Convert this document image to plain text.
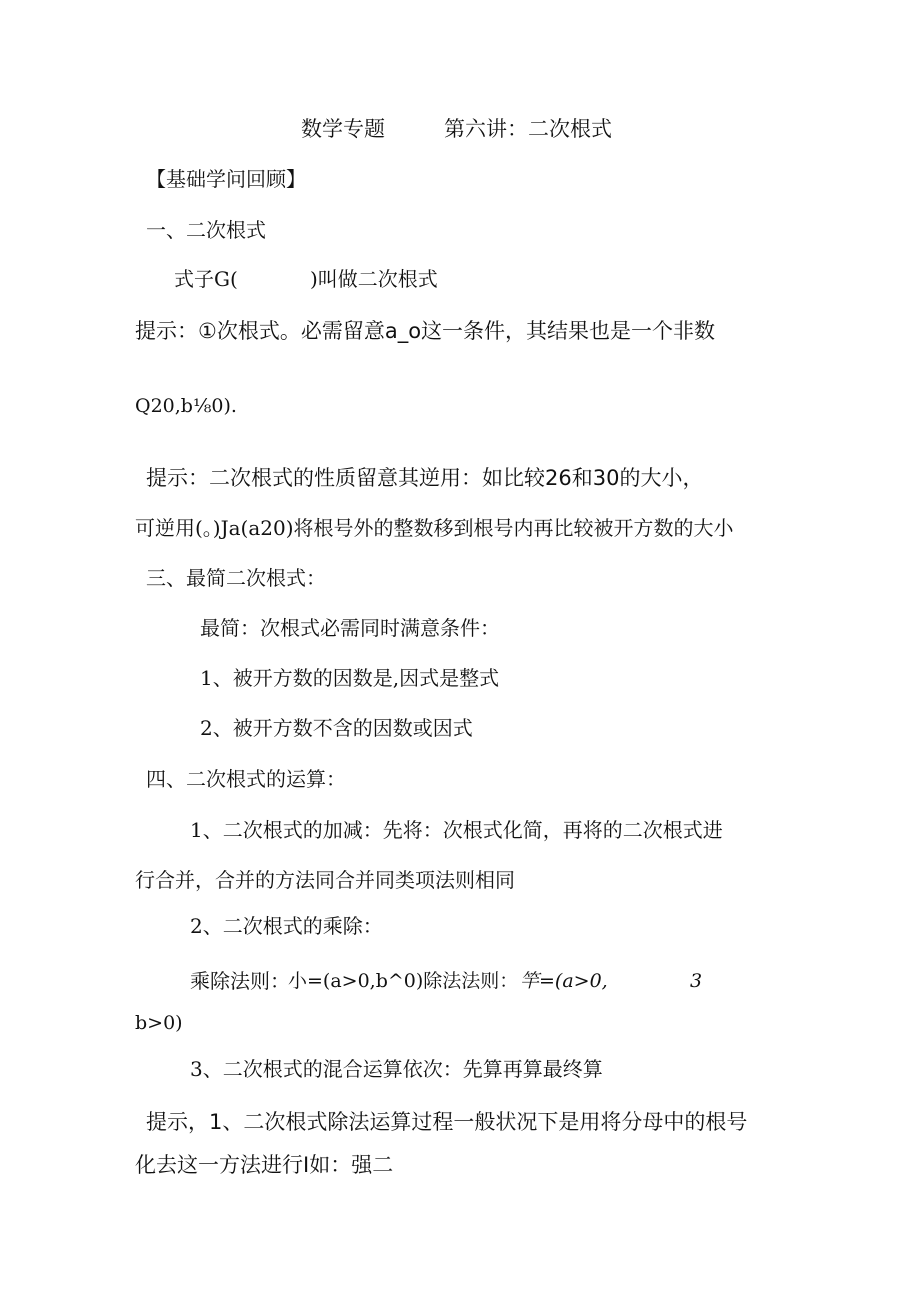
数学专题	第六讲：二次根式
【基础学问回顾】
一、二次根式
式子G(	)叫做二次根式
提示：①次根式。必需留意a_o这一条件，其结果也是一个非数
Q20,b⅛0).
提示：二次根式的性质留意其逆用：如比较26和30的大小，
可逆用(。)Ja(a20)将根号外的整数移到根号内再比较被开方数的大小
三、最简二次根式：
最简：次根式必需同时满意条件：
1、被开方数的因数是,因式是整式
2、被开方数不含的因数或因式
四、二次根式的运算：
1、二次根式的加减：先将：次根式化简，再将的二次根式进
行合并，合并的方法同合并同类项法则相同
2、二次根式的乘除：
乘除法则：
小=(a>0,b^0)除法法则： 竿=(a>0,	3
b>0)
3、二次根式的混合运算依次：先算再算最终算
提示，1、二次根式除法运算过程一般状况下是用将分母中的根号
化去这一方法进行I如：强二
